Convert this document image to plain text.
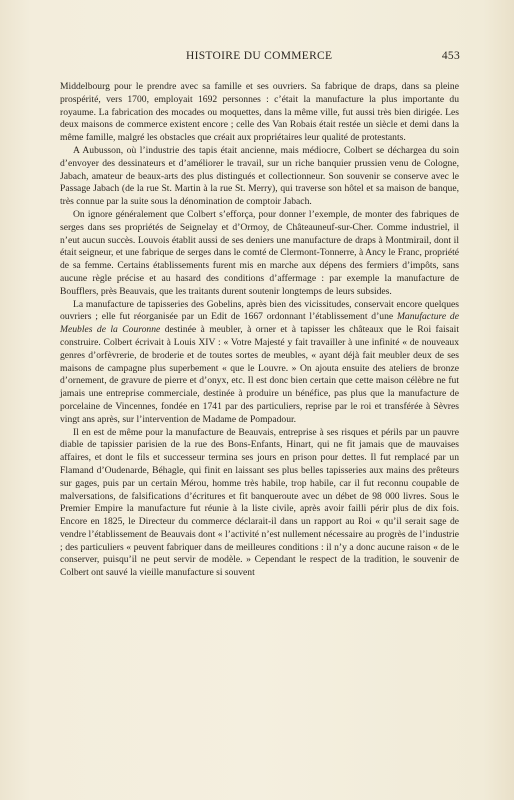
HISTOIRE DU COMMERCE	453

Middelbourg pour le prendre avec sa famille et ses ouvriers. Sa fabrique de draps, dans sa pleine prospérité, vers 1700, employait 1692 personnes : c’était la manufacture la plus importante du royaume. La fabrication des mocades ou moquettes, dans la même ville, fut aussi très bien dirigée. Les deux maisons de commerce existent encore ; celle des Van Robais était restée un siècle et demi dans la même famille, malgré les obstacles que créait aux propriétaires leur qualité de protestants.

A Aubusson, où l’industrie des tapis était ancienne, mais médiocre, Colbert se déchargea du soin d’envoyer des dessinateurs et d’améliorer le travail, sur un riche banquier prussien venu de Cologne, Jabach, amateur de beaux-arts des plus distingués et collectionneur. Son souvenir se conserve avec le Passage Jabach (de la rue St. Martin à la rue St. Merry), qui traverse son hôtel et sa maison de banque, très connue par la suite sous la dénomination de comptoir Jabach.

On ignore généralement que Colbert s’efforça, pour donner l’exemple, de monter des fabriques de serges dans ses propriétés de Seignelay et d’Ormoy, de Châteauneuf-sur-Cher. Comme industriel, il n’eut aucun succès. Louvois établit aussi de ses deniers une manufacture de draps à Montmirail, dont il était seigneur, et une fabrique de serges dans le comté de Clermont-Tonnerre, à Ancy le Franc, propriété de sa femme. Certains établissements furent mis en marche aux dépens des fermiers d’impôts, sans aucune règle précise et au hasard des conditions d’affermage : par exemple la manufacture de Boufflers, près Beauvais, que les traitants durent soutenir longtemps de leurs subsides.

La manufacture de tapisseries des Gobelins, après bien des vicissitudes, conservait encore quelques ouvriers ; elle fut réorganisée par un Edit de 1667 ordonnant l’établissement d’une Manufacture de Meubles de la Couronne destinée à meubler, à orner et à tapisser les châteaux que le Roi faisait construire. Colbert écrivait à Louis XIV : « Votre Majesté y fait travailler à une infinité « de nouveaux genres d’orfèvrerie, de broderie et de toutes sortes de meubles, « ayant déjà fait meubler deux de ses maisons de campagne plus superbement « que le Louvre. » On ajouta ensuite des ateliers de bronze d’ornement, de gravure de pierre et d’onyx, etc. Il est donc bien certain que cette maison célèbre ne fut jamais une entreprise commerciale, destinée à produire un bénéfice, pas plus que la manufacture de porcelaine de Vincennes, fondée en 1741 par des particuliers, reprise par le roi et transférée à Sèvres vingt ans après, sur l’intervention de Madame de Pompadour.

Il en est de même pour la manufacture de Beauvais, entreprise à ses risques et périls par un pauvre diable de tapissier parisien de la rue des Bons-Enfants, Hinart, qui ne fit jamais que de mauvaises affaires, et dont le fils et successeur termina ses jours en prison pour dettes. Il fut remplacé par un Flamand d’Oudenarde, Béhagle, qui finit en laissant ses plus belles tapisseries aux mains des prêteurs sur gages, puis par un certain Mérou, homme très habile, trop habile, car il fut reconnu coupable de malversations, de falsifications d’écritures et fit banqueroute avec un débet de 98 000 livres. Sous le Premier Empire la manufacture fut réunie à la liste civile, après avoir failli périr plus de dix fois. Encore en 1825, le Directeur du commerce déclarait-il dans un rapport au Roi « qu’il serait sage de vendre l’établissement de Beauvais dont « l’activité n’est nullement nécessaire au progrès de l’industrie ; des particuliers « peuvent fabriquer dans de meilleures conditions : il n’y a donc aucune raison « de le conserver, puisqu’il ne peut servir de modèle. » Cependant le respect de la tradition, le souvenir de Colbert ont sauvé la vieille manufacture si souvent
